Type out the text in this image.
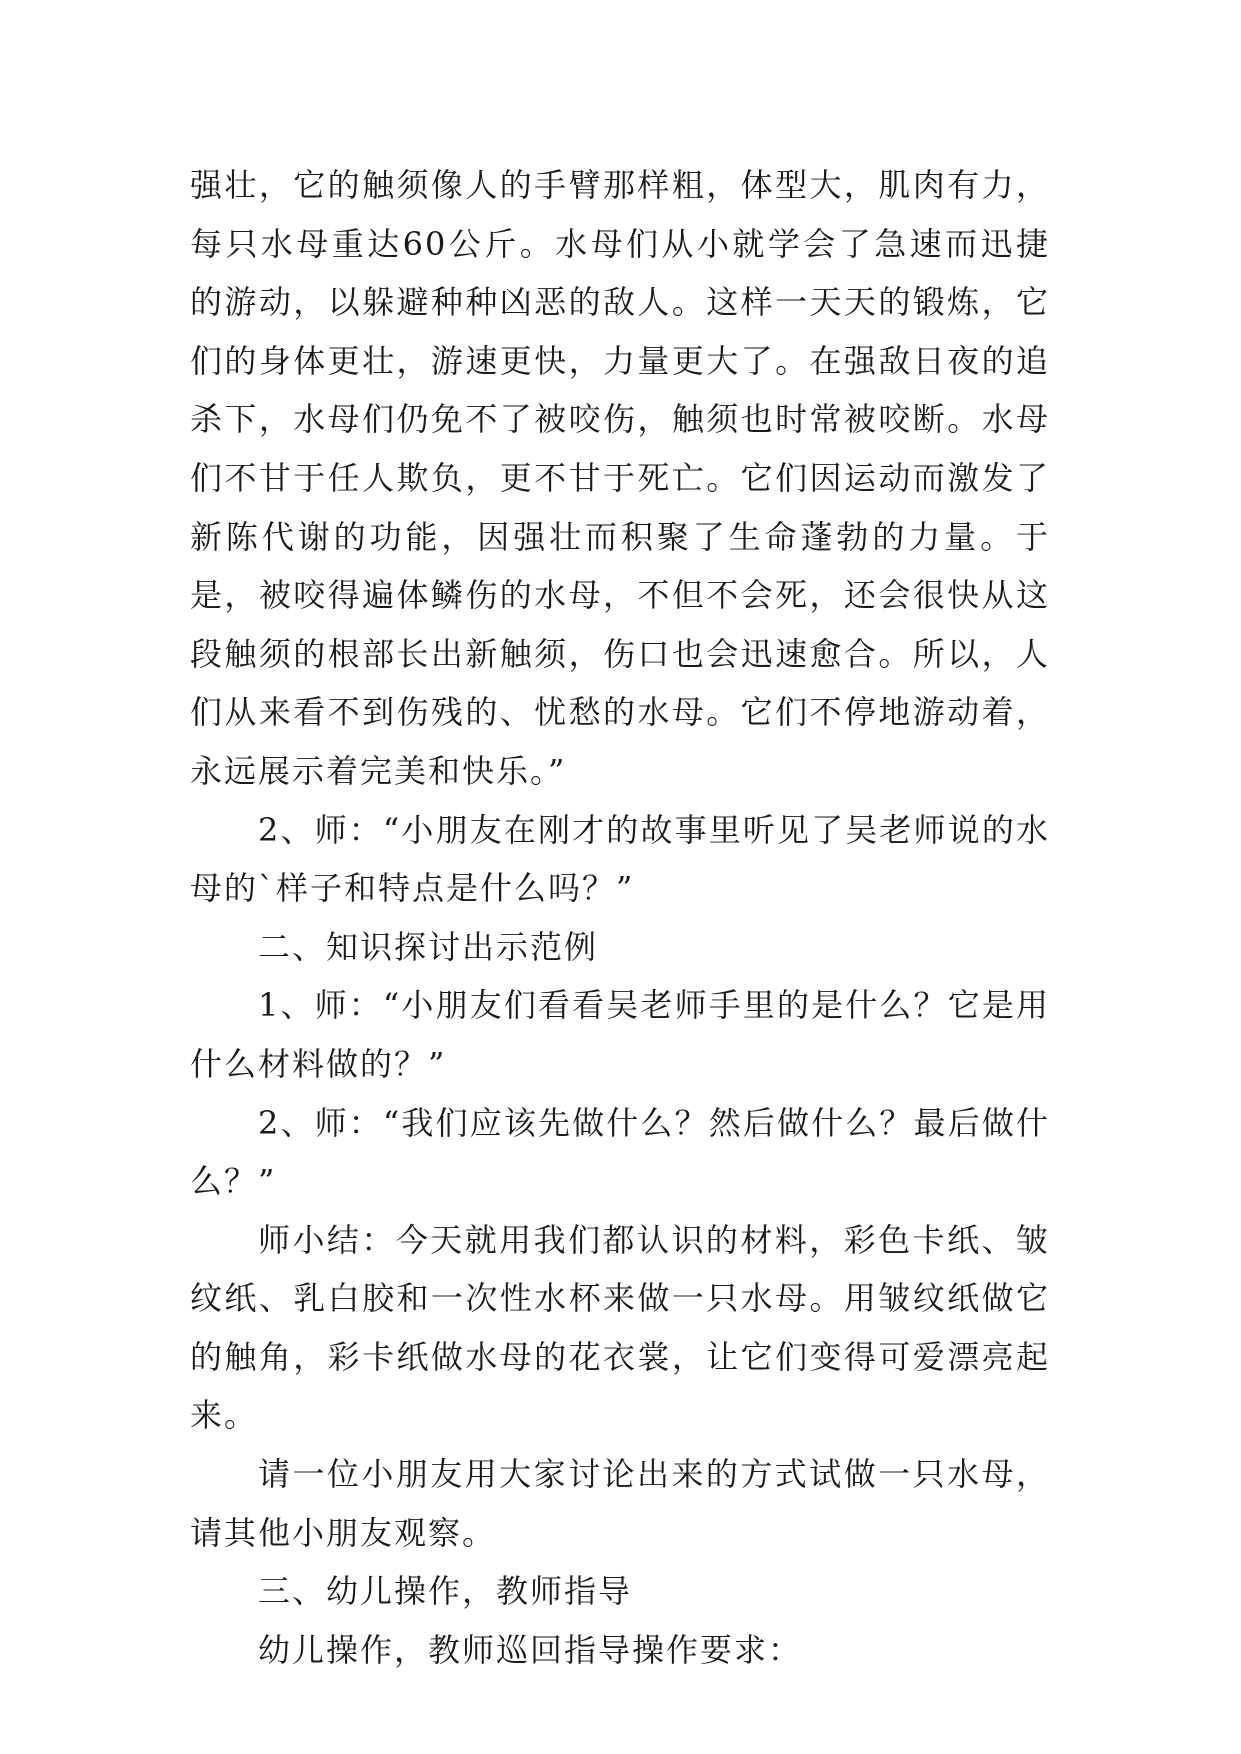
强壮，它的触须像人的手臂那样粗，体型大，肌肉有力，每只水母重达60公斤。水母们从小就学会了急速而迅捷的游动，以躲避种种凶恶的敌人。这样一天天的锻炼，它们的身体更壮，游速更快，力量更大了。在强敌日夜的追杀下，水母们仍免不了被咬伤，触须也时常被咬断。水母们不甘于任人欺负，更不甘于死亡。它们因运动而激发了新陈代谢的功能，因强壮而积聚了生命蓬勃的力量。于是，被咬得遍体鳞伤的水母，不但不会死，还会很快从这段触须的根部长出新触须，伤口也会迅速愈合。所以，人们从来看不到伤残的、忧愁的水母。它们不停地游动着，永远展示着完美和快乐。”

2、师：“小朋友在刚才的故事里听见了吴老师说的水母的`样子和特点是什么吗？”

二、知识探讨出示范例

1、师：“小朋友们看看吴老师手里的是什么？它是用什么材料做的？”

2、师：“我们应该先做什么？然后做什么？最后做什么？”

师小结：今天就用我们都认识的材料，彩色卡纸、皱纹纸、乳白胶和一次性水杯来做一只水母。用皱纹纸做它的触角，彩卡纸做水母的花衣裳，让它们变得可爱漂亮起来。

请一位小朋友用大家讨论出来的方式试做一只水母，请其他小朋友观察。

三、幼儿操作，教师指导

幼儿操作，教师巡回指导操作要求：
